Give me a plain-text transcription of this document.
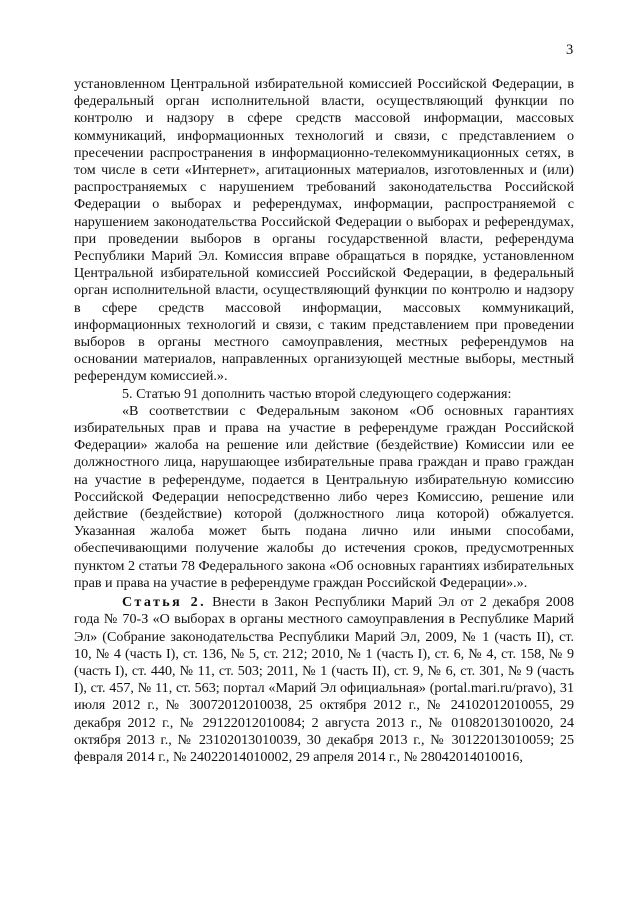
3

установленном Центральной избирательной комиссией Российской Федерации, в федеральный орган исполнительной власти, осуществляющий функции по контролю и надзору в сфере средств массовой информации, массовых коммуникаций, информационных технологий и связи, с представлением о пресечении распространения в информационно-телекоммуникационных сетях, в том числе в сети «Интернет», агитационных материалов, изготовленных и (или) распространяемых с нарушением требований законодательства Российской Федерации о выборах и референдумах, информации, распространяемой с нарушением законодательства Российской Федерации о выборах и референдумах, при проведении выборов в органы государственной власти, референдума Республики Марий Эл. Комиссия вправе обращаться в порядке, установленном Центральной избирательной комиссией Российской Федерации, в федеральный орган исполнительной власти, осуществляющий функции по контролю и надзору в сфере средств массовой информации, массовых коммуникаций, информационных технологий и связи, с таким представлением при проведении выборов в органы местного самоуправления, местных референдумов на основании материалов, направленных организующей местные выборы, местный референдум комиссией.».

5. Статью 91 дополнить частью второй следующего содержания:

«В соответствии с Федеральным законом «Об основных гарантиях избирательных прав и права на участие в референдуме граждан Российской Федерации» жалоба на решение или действие (бездействие) Комиссии или ее должностного лица, нарушающее избирательные права граждан и право граждан на участие в референдуме, подается в Центральную избирательную комиссию Российской Федерации непосредственно либо через Комиссию, решение или действие (бездействие) которой (должностного лица которой) обжалуется. Указанная жалоба может быть подана лично или иными способами, обеспечивающими получение жалобы до истечения сроков, предусмотренных пунктом 2 статьи 78 Федерального закона «Об основных гарантиях избирательных прав и права на участие в референдуме граждан Российской Федерации».».

Статья 2. Внести в Закон Республики Марий Эл от 2 декабря 2008 года № 70-З «О выборах в органы местного самоуправления в Республике Марий Эл» (Собрание законодательства Республики Марий Эл, 2009, № 1 (часть II), ст. 10, № 4 (часть I), ст. 136, № 5, ст. 212; 2010, № 1 (часть I), ст. 6, № 4, ст. 158, № 9 (часть I), ст. 440, № 11, ст. 503; 2011, № 1 (часть II), ст. 9, № 6, ст. 301, № 9 (часть I), ст. 457, № 11, ст. 563; портал «Марий Эл официальная» (portal.mari.ru/pravo), 31 июля 2012 г., № 30072012010038, 25 октября 2012 г., № 24102012010055, 29 декабря 2012 г., № 29122012010084; 2 августа 2013 г., № 01082013010020, 24 октября 2013 г., № 23102013010039, 30 декабря 2013 г., № 30122013010059; 25 февраля 2014 г., № 24022014010002, 29 апреля 2014 г., № 28042014010016,
